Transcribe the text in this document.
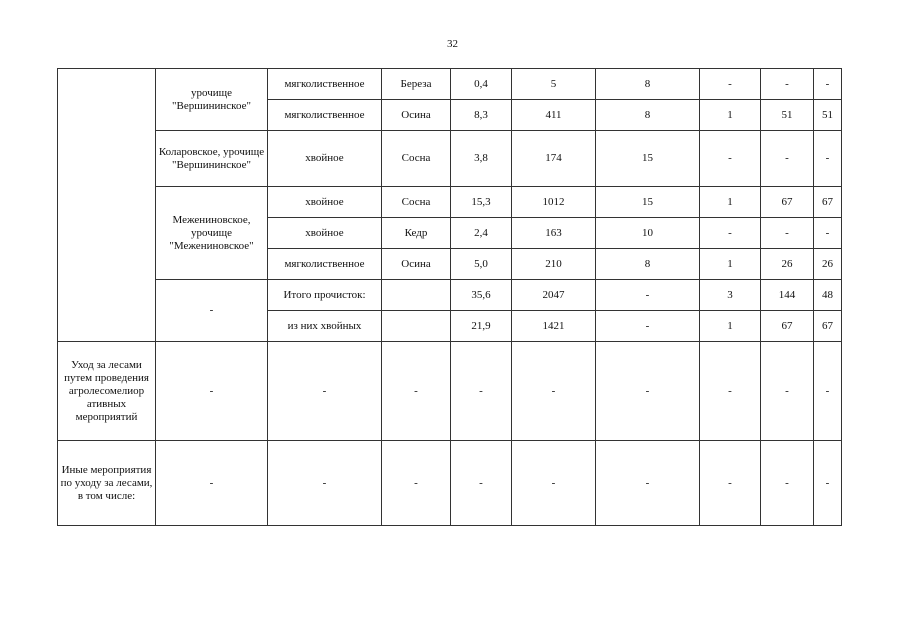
32
	урочище "Вершининское"	мягколиственное	Береза	0,4	5	8	-	-	-
		мягколиственное	Осина	8,3	411	8	1	51	51
	Коларовское, урочище "Вершининское"	хвойное	Сосна	3,8	174	15	-	-	-
	Межениновское, урочище "Межениновское"	хвойное	Сосна	15,3	1012	15	1	67	67
		хвойное	Кедр	2,4	163	10	-	-	-
		мягколиственное	Осина	5,0	210	8	1	26	26
	-	Итого прочисток:		35,6	2047	-	3	144	48
		из них хвойных		21,9	1421	-	1	67	67
Уход за лесами путем проведения агролесомелиор ативных мероприятий	-	-	-	-	-	-	-	-	-
Иные мероприятия по уходу за лесами, в том числе:	-	-	-	-	-	-	-	-	-
